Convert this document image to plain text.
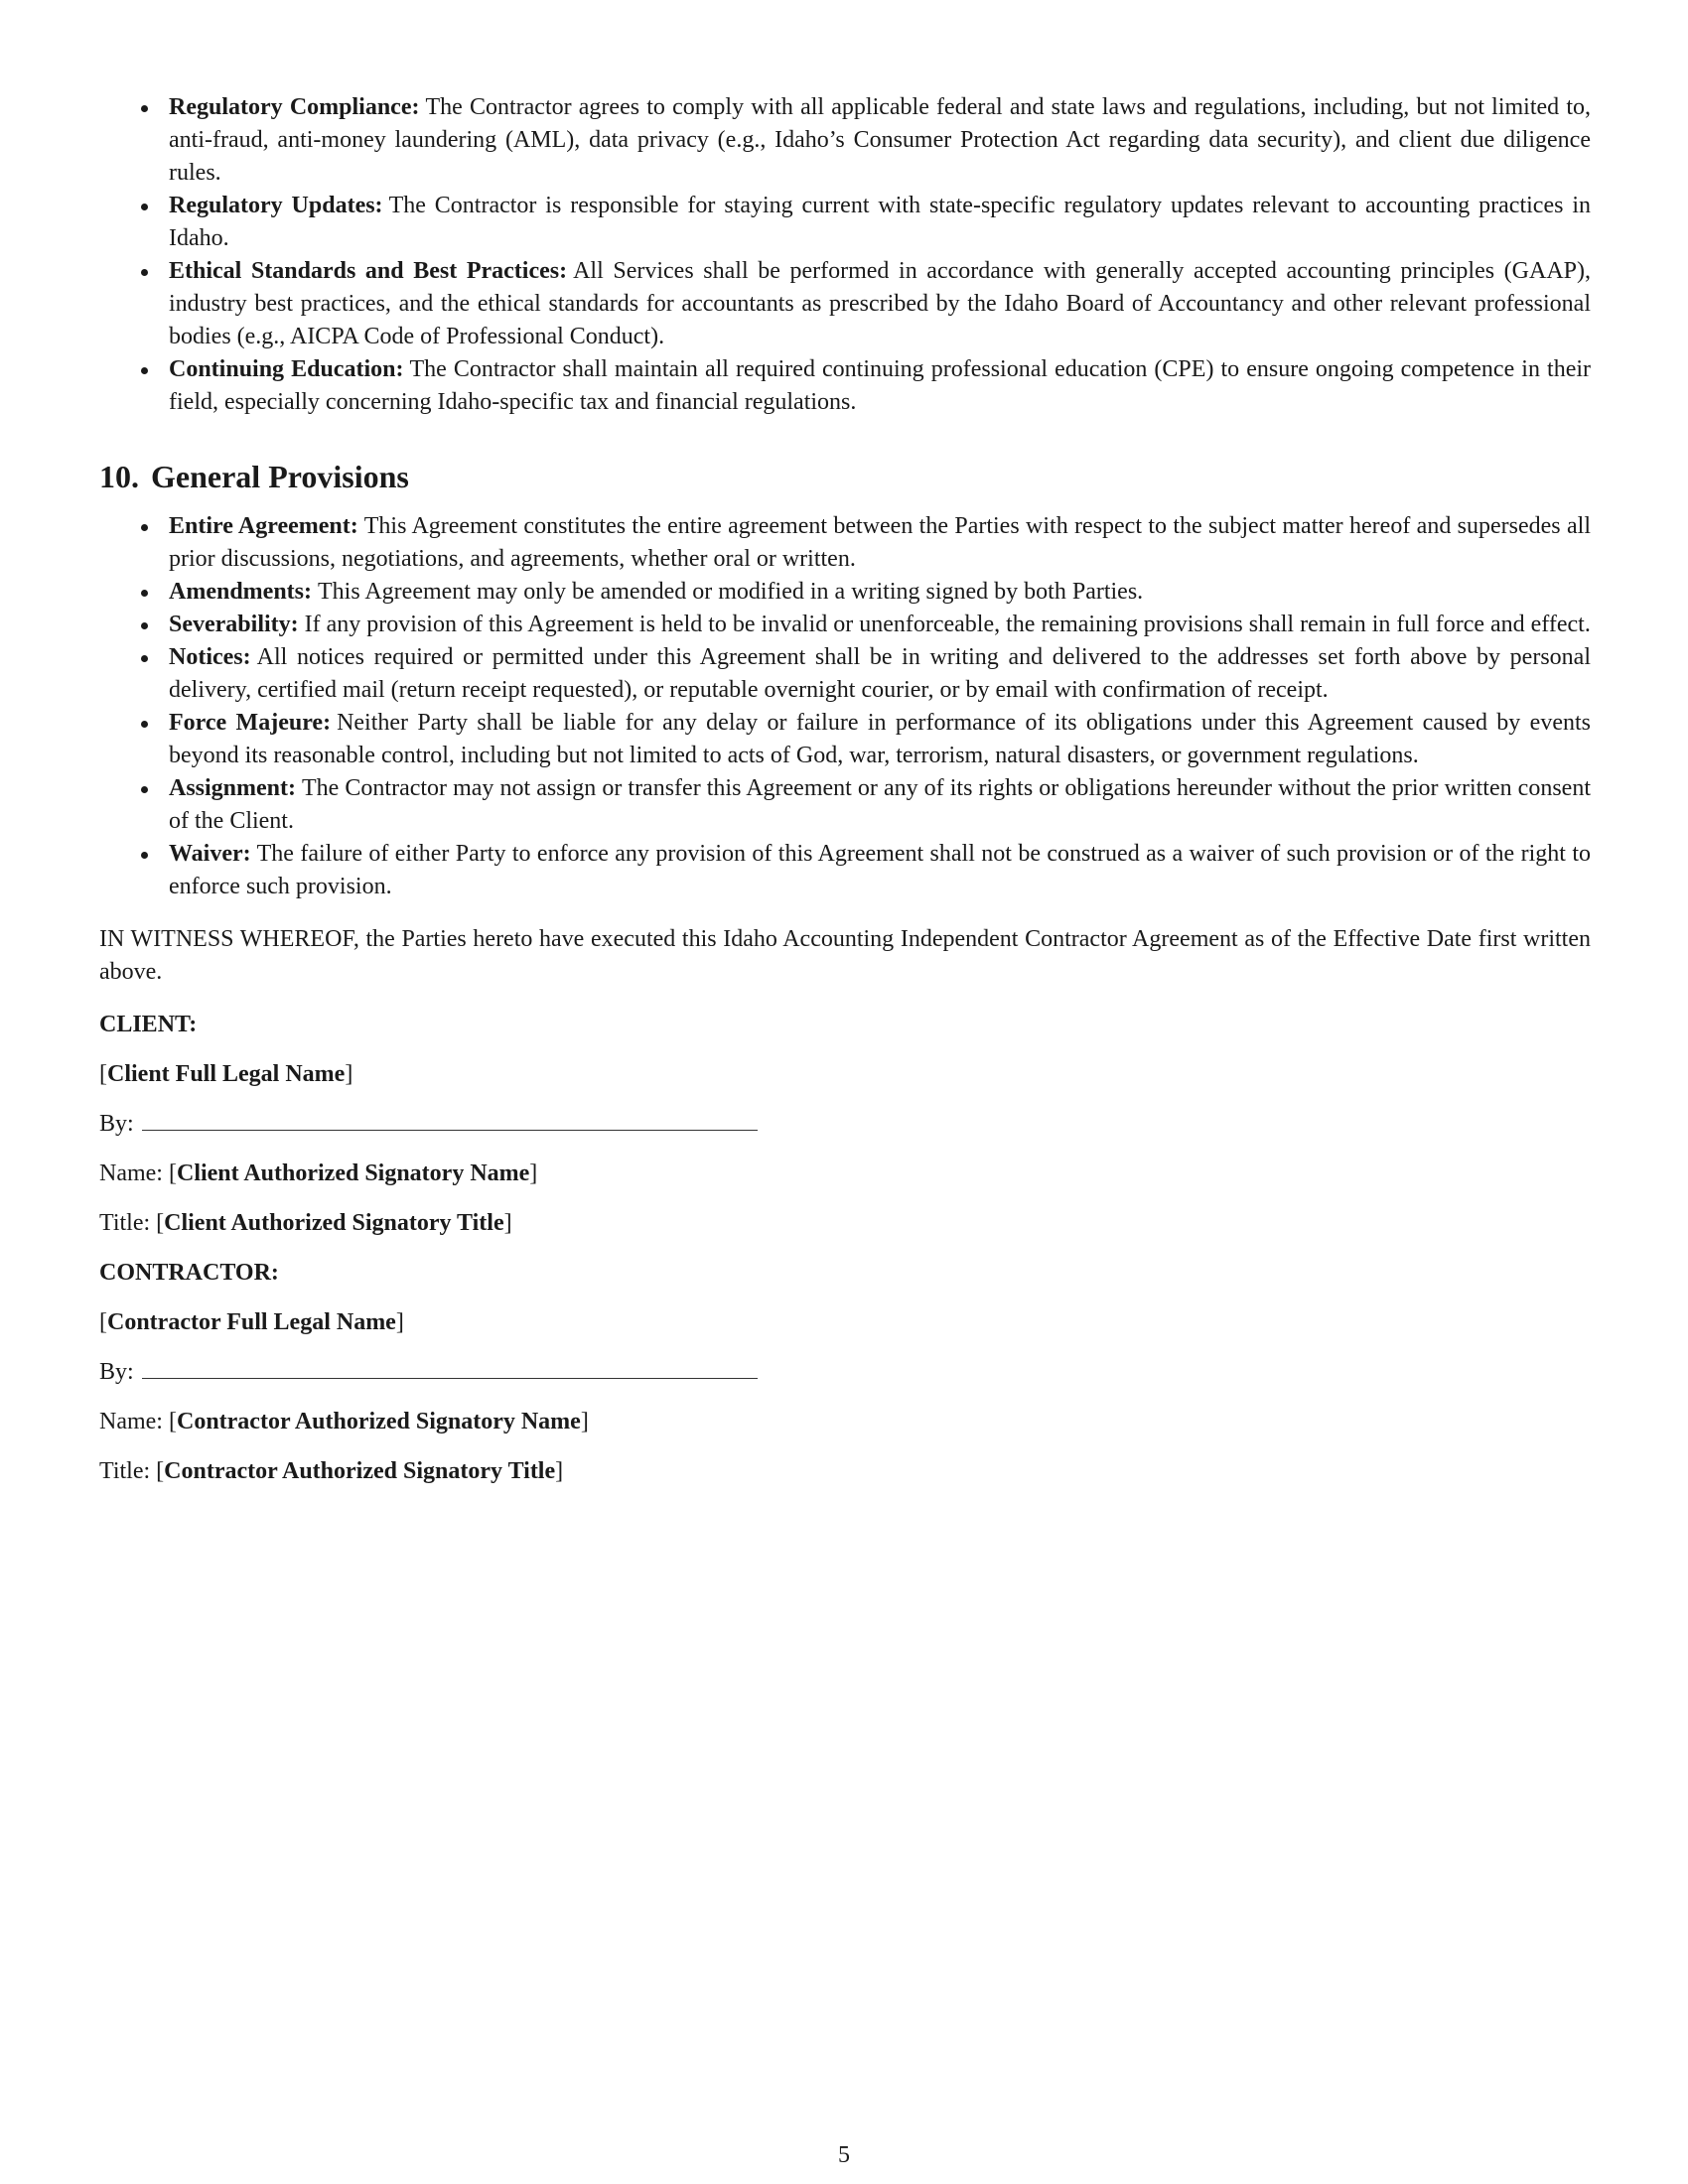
Regulatory Compliance: The Contractor agrees to comply with all applicable federal and state laws and regulations, including, but not limited to, anti-fraud, anti-money laundering (AML), data privacy (e.g., Idaho’s Consumer Protection Act regarding data security), and client due diligence rules.
Regulatory Updates: The Contractor is responsible for staying current with state-specific regulatory updates relevant to accounting practices in Idaho.
Ethical Standards and Best Practices: All Services shall be performed in accordance with generally accepted accounting principles (GAAP), industry best practices, and the ethical standards for accountants as prescribed by the Idaho Board of Accountancy and other relevant professional bodies (e.g., AICPA Code of Professional Conduct).
Continuing Education: The Contractor shall maintain all required continuing professional education (CPE) to ensure ongoing competence in their field, especially concerning Idaho-specific tax and financial regulations.
10. General Provisions
Entire Agreement: This Agreement constitutes the entire agreement between the Parties with respect to the subject matter hereof and supersedes all prior discussions, negotiations, and agreements, whether oral or written.
Amendments: This Agreement may only be amended or modified in a writing signed by both Parties.
Severability: If any provision of this Agreement is held to be invalid or unenforceable, the remaining provisions shall remain in full force and effect.
Notices: All notices required or permitted under this Agreement shall be in writing and delivered to the addresses set forth above by personal delivery, certified mail (return receipt requested), or reputable overnight courier, or by email with confirmation of receipt.
Force Majeure: Neither Party shall be liable for any delay or failure in performance of its obligations under this Agreement caused by events beyond its reasonable control, including but not limited to acts of God, war, terrorism, natural disasters, or government regulations.
Assignment: The Contractor may not assign or transfer this Agreement or any of its rights or obligations hereunder without the prior written consent of the Client.
Waiver: The failure of either Party to enforce any provision of this Agreement shall not be construed as a waiver of such provision or of the right to enforce such provision.

IN WITNESS WHEREOF, the Parties hereto have executed this Idaho Accounting Independent Contractor Agreement as of the Effective Date first written above.

CLIENT:

[Client Full Legal Name]

By:

Name: [Client Authorized Signatory Name]

Title: [Client Authorized Signatory Title]

CONTRACTOR:

[Contractor Full Legal Name]

By:

Name: [Contractor Authorized Signatory Name]

Title: [Contractor Authorized Signatory Title]

5
